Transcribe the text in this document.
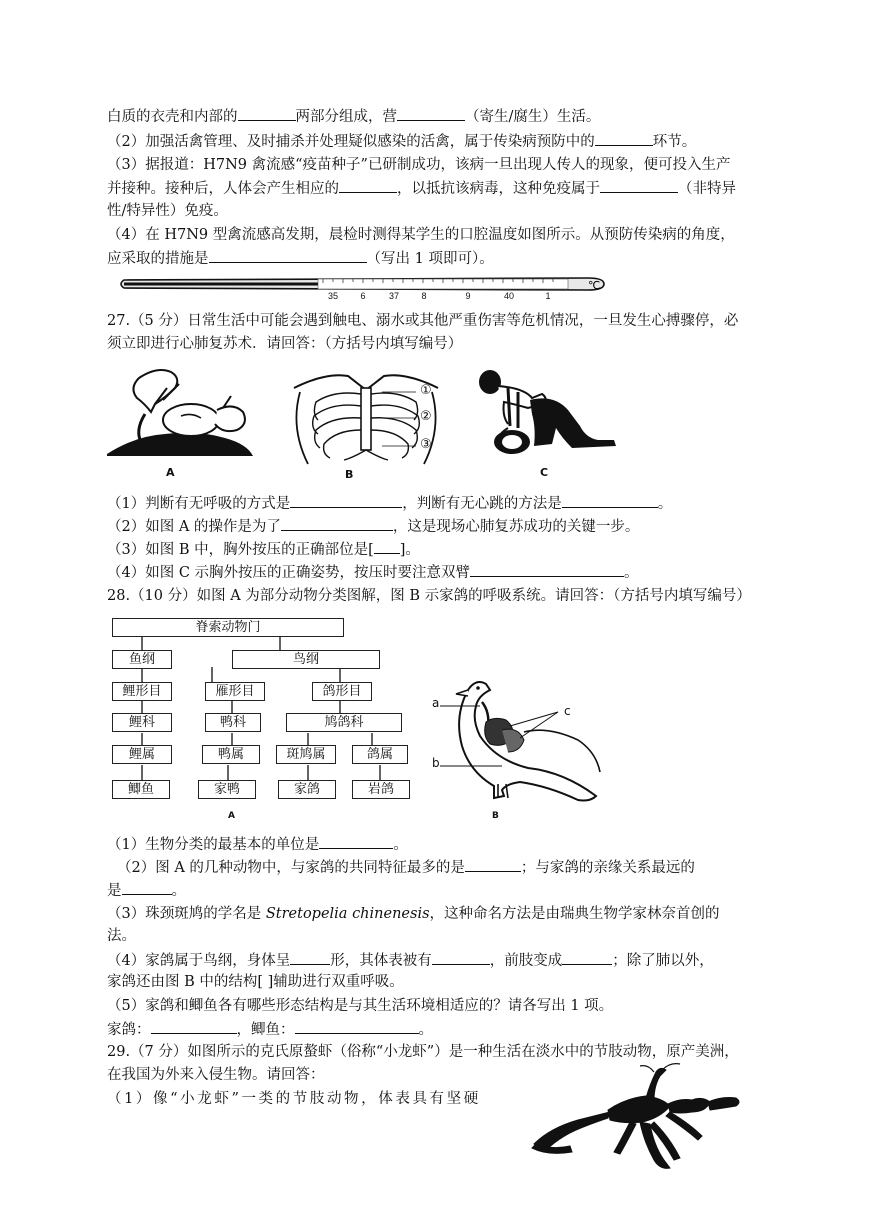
白质的衣壳和内部的	两部分组成，营	（寄生/腐生）生活。
（2）加强活禽管理、及时捕杀并处理疑似感染的活禽，属于传染病预防中的	环节。
（3）据报道：H7N9 禽流感“疫苗种子”已研制成功，该病一旦出现人传人的现象，便可投入生产
并接种。接种后，人体会产生相应的	，以抵抗该病毒，这种免疫属于	（非特异
性/特异性）免疫。
（4）在 H7N9 型禽流感高发期，晨检时测得某学生的口腔温度如图所示。从预防传染病的角度，
应采取的措施是	（写出 1 项即可）。
35 6	37 8	9	40	1
℃
27.（5 分）日常生活中可能会遇到触电、溺水或其他严重伤害等危机情况，一旦发生心搏骤停，必
须立即进行心肺复苏术．请回答：（方括号内填写编号）
A
①
②
③
B	C
（1）判断有无呼吸的方式是	，判断有无心跳的方法是	。
（2）如图 A 的操作是为了	，这是现场心肺复苏成功的关键一步。
（3）如图 B 中，胸外按压的正确部位是[ ]。
（4）如图 C 示胸外按压的正确姿势，按压时要注意双臂	。
28.（10 分）如图 A 为部分动物分类图解，图 B 示家鸽的呼吸系统。请回答：（方括号内填写编号）
脊索动物门
鱼纲	鸟纲
鲤形目	雁形目	鸽形目
鲤科	鸭科	鸠鸽科
鲤属	鸭属	斑鸠属	鸽属
鲫鱼	家鸭	家鸽	岩鸽
A
a
b
c
B
（1）生物分类的最基本的单位是	。
（2）图 A 的几种动物中，与家鸽的共同特征最多的是	；与家鸽的亲缘关系最远的
是	。
（3）珠颈斑鸠的学名是 Stretopelia chinenesis，这种命名方法是由瑞典生物学家林奈首创的
法。
（4）家鸽属于鸟纲，身体呈	形，其体表被有	，前肢变成	；除了肺以外，
家鸽还由图 B 中的结构[ ]辅助进行双重呼吸。
（5）家鸽和鲫鱼各有哪些形态结构是与其生活环境相适应的？请各写出 1 项。
家鸽：	，鲫鱼：	。
29.（7 分）如图所示的克氏原螯虾（俗称“小龙虾”）是一种生活在淡水中的节肢动物，原产美洲，
在我国为外来入侵生物。请回答：
（1）像“小龙虾”一类的节肢动物，体表具有坚硬
